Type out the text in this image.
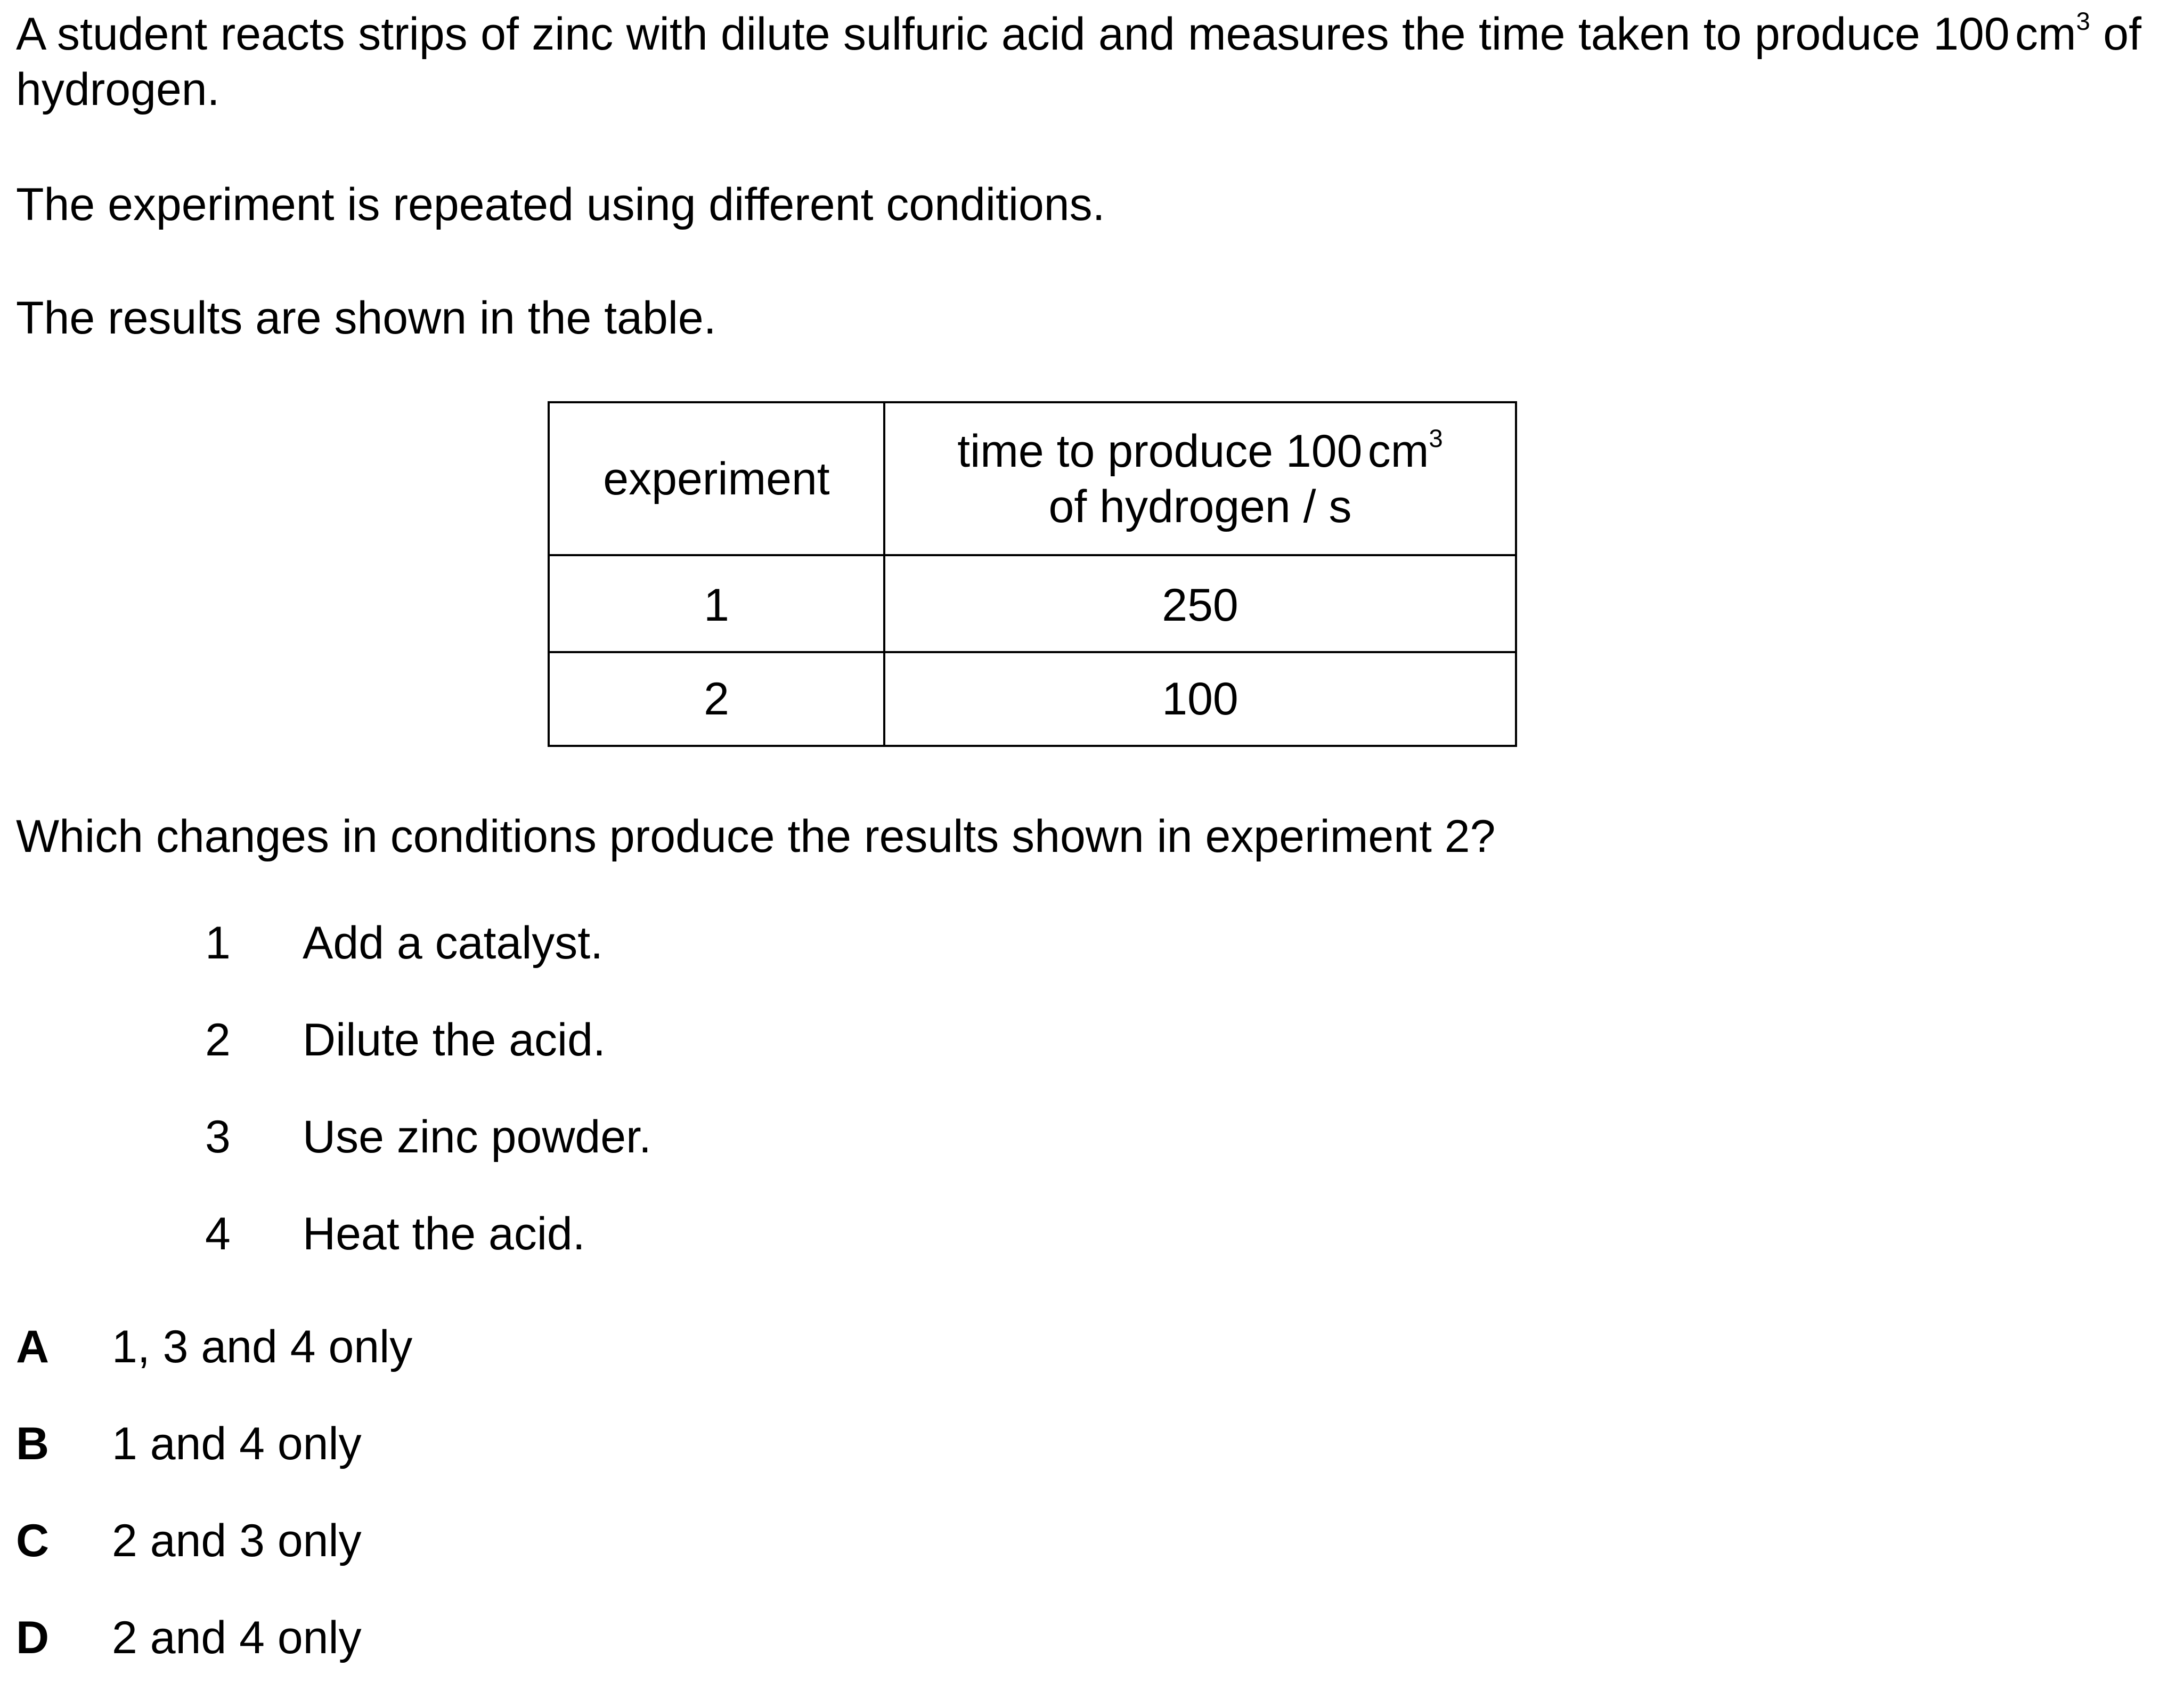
A student reacts strips of zinc with dilute sulfuric acid and measures the time taken to produce 100 $cm^3$ of hydrogen.

The experiment is repeated using different conditions.

The results are shown in the table.

experiment	time to produce 100 $cm^3$
of hydrogen / s
1	250
2	100

Which changes in conditions produce the results shown in experiment 2?

1 Add a catalyst.
2 Dilute the acid.
3 Use zinc powder.
4 Heat the acid.
A 1, 3 and 4 only
B 1 and 4 only
C 2 and 3 only
D 2 and 4 only
